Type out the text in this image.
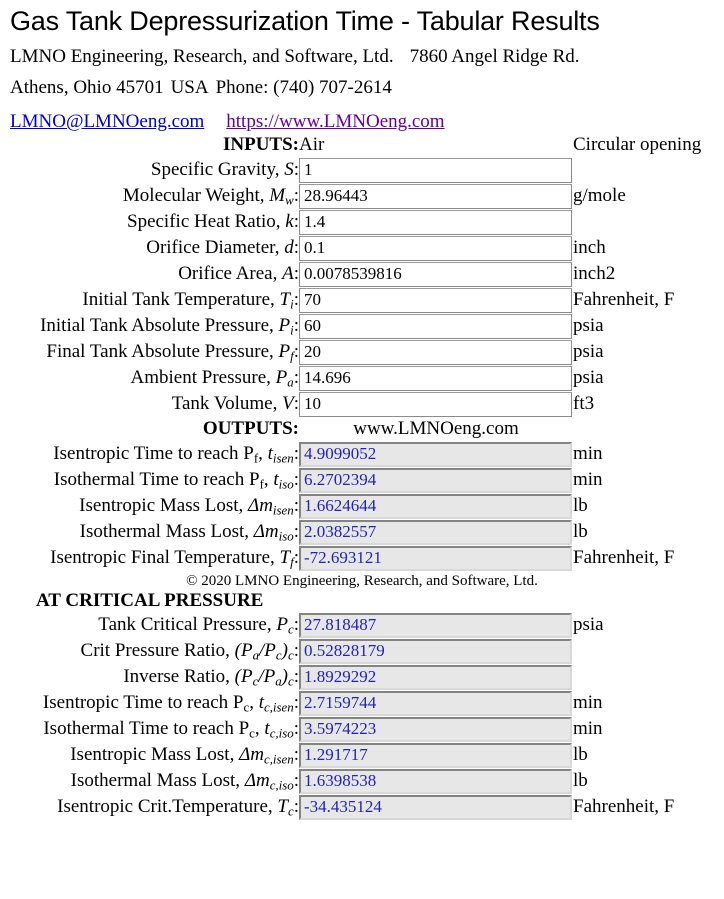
Gas Tank Depressurization Time - Tabular Results
LMNO Engineering, Research, and Software, Ltd. 7860 Angel Ridge Rd.
Athens, Ohio 45701 USA Phone: (740) 707-2614
LMNO@LMNOeng.com https://www.LMNOeng.com
INPUTS:	Air	Circular opening
Specific Gravity, S:	
1	
Molecular Weight, $M_w$:	
28.96443	g/mole
Specific Heat Ratio, k:	
1.4	
Orifice Diameter, d:	
0.1	inch
Orifice Area, A:	
0.0078539816	inch2
Initial Tank Temperature, $T_i$:	
70	Fahrenheit, F
Initial Tank Absolute Pressure, $P_i$:	
60	psia
Final Tank Absolute Pressure, $P_f$:	
20	psia
Ambient Pressure, $P_a$:	
14.696	psia
Tank Volume, V:	
10	ft3
OUTPUTS:	www.LMNOeng.com	
Isentropic Time to reach $P_f$, $t_{isen}$:	
4.9099052	min
Isothermal Time to reach $P_f$, $t_{iso}$:	
6.2702394	min
Isentropic Mass Lost, $\Delta m_{isen}$:	
1.6624644	lb
Isothermal Mass Lost, $\Delta m_{iso}$:	
2.0382557	lb
Isentropic Final Temperature, $T_f$:	
-72.693121	Fahrenheit, F
© 2020 LMNO Engineering, Research, and Software, Ltd.
AT CRITICAL PRESSURE
Tank Critical Pressure, $P_c$:	
27.818487	psia
Crit Pressure Ratio, $(P_a/P_c)_c$:	
0.52828179	
Inverse Ratio, $(P_c/P_a)_c$:	
1.8929292	
Isentropic Time to reach $P_c$, $t_{c,isen}$:	
2.7159744	min
Isothermal Time to reach $P_c$, $t_{c,iso}$:	
3.5974223	min
Isentropic Mass Lost, $\Delta m_{c,isen}$:	
1.291717	lb
Isothermal Mass Lost, $\Delta m_{c,iso}$:	
1.6398538	lb
Isentropic Crit.Temperature, $T_c$:	
-34.435124	Fahrenheit, F
